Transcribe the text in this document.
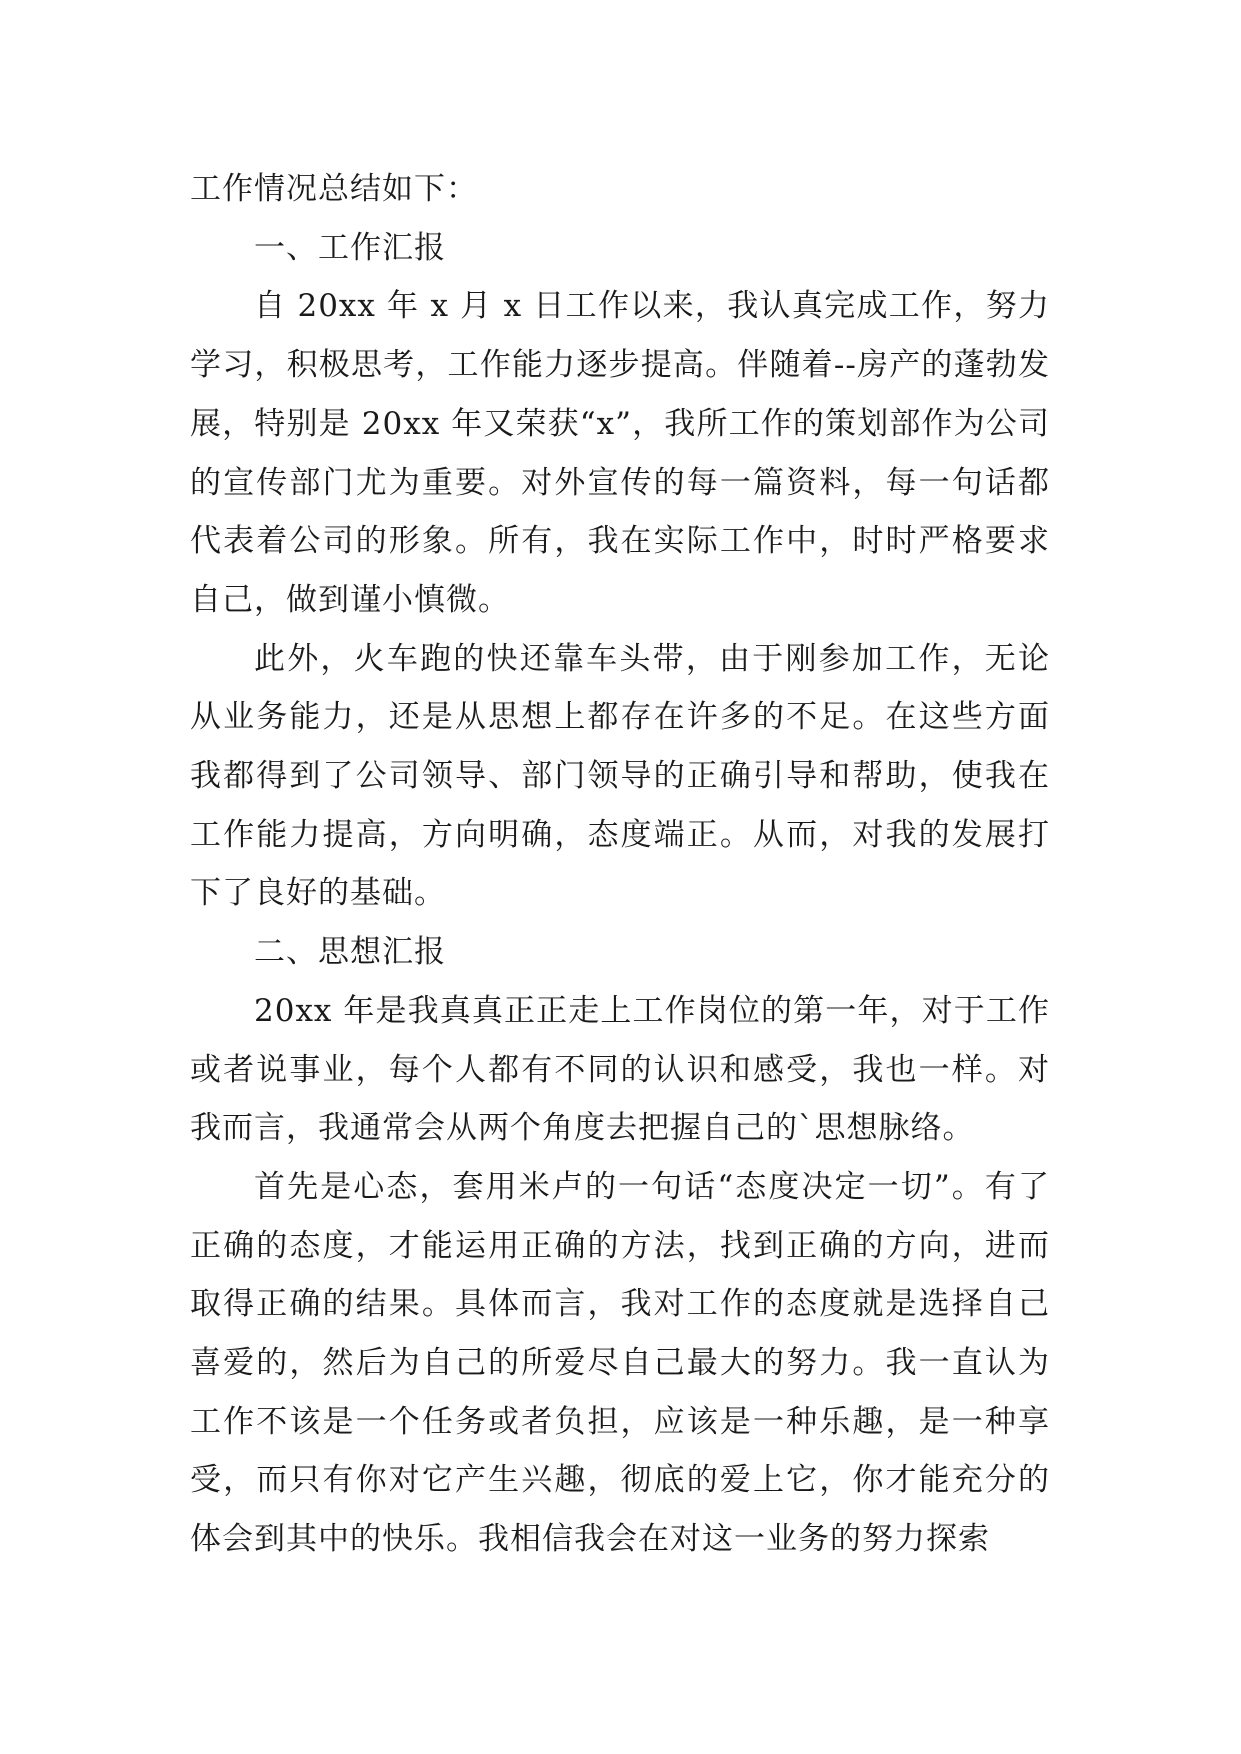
工作情况总结如下：

一、工作汇报

自 20xx 年 x 月 x 日工作以来，我认真完成工作，努力学习，积极思考，工作能力逐步提高。伴随着--房产的蓬勃发展，特别是 20xx 年又荣获“x”，我所工作的策划部作为公司的宣传部门尤为重要。对外宣传的每一篇资料，每一句话都代表着公司的形象。所有，我在实际工作中，时时严格要求自己，做到谨小慎微。

此外，火车跑的快还靠车头带，由于刚参加工作，无论从业务能力，还是从思想上都存在许多的不足。在这些方面我都得到了公司领导、部门领导的正确引导和帮助，使我在工作能力提高，方向明确，态度端正。从而，对我的发展打下了良好的基础。

二、思想汇报

20xx 年是我真真正正走上工作岗位的第一年，对于工作或者说事业，每个人都有不同的认识和感受，我也一样。对我而言，我通常会从两个角度去把握自己的`思想脉络。

首先是心态，套用米卢的一句话“态度决定一切”。有了正确的态度，才能运用正确的方法，找到正确的方向，进而取得正确的结果。具体而言，我对工作的态度就是选择自己喜爱的，然后为自己的所爱尽自己最大的努力。我一直认为工作不该是一个任务或者负担，应该是一种乐趣，是一种享受，而只有你对它产生兴趣，彻底的爱上它，你才能充分的体会到其中的快乐。我相信我会在对这一业务的努力探索
